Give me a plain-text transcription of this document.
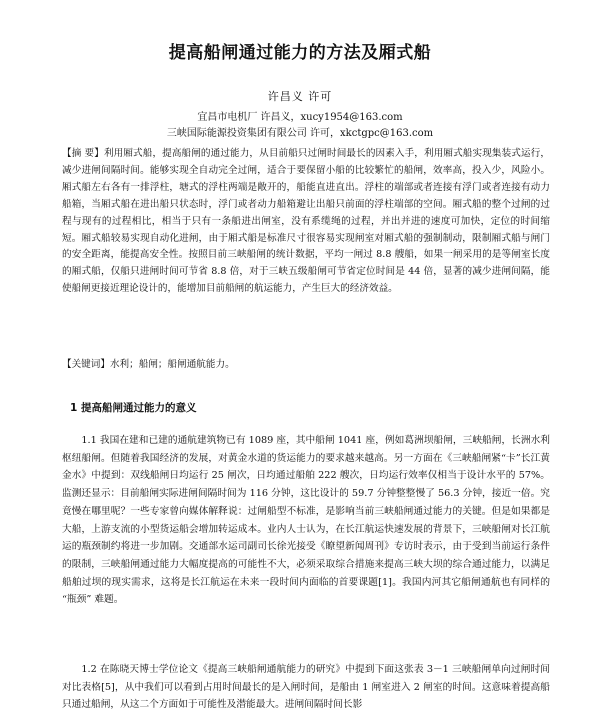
提高船闸通过能力的方法及厢式船
许昌义 许可
宜昌市电机厂 许昌义，xucy1954@163.com
三峡国际能源投资集团有限公司 许可，xkctgpc@163.com

【摘 要】利用厢式船，提高船闸的通过能力，从目前船只过闸时间最长的因素入手，利用厢式船实现集装式运行，减少进闸间隔时间。能够实现全自动完全过闸，适合于要保留小船的比较繁忙的船闸，效率高，投入少，风险小。厢式船左右各有一排浮柱，塘式的浮柱两端是敞开的，船能直进直出。浮柱的端部或者连接有浮门或者连接有动力船箱，当厢式船在进出船只状态时，浮门或者动力船箱避让出船只前面的浮柱端部的空间。厢式船的整个过闸的过程与现有的过程相比，相当于只有一条船进出闸室，没有系缆绳的过程，并出并进的速度可加快，定位的时间缩短。厢式船较易实现自动化进闸，由于厢式船是标准尺寸很容易实现闸室对厢式船的强制制动，限制厢式船与闸门的安全距离，能提高安全性。按照目前三峡船闸的统计数据，平均一闸过 8.8 艘船，如果一闸采用的是等闸室长度的厢式船，仅船只进闸时间可节省 8.8 倍，对于三峡五级船闸可节省定位时间是 44 倍，显著的减少进闸间隔，能使船闸更接近理论设计的，能增加目前船闸的航运能力，产生巨大的经济效益。

【关键词】水利；船闸；船闸通航能力。

1 提高船闸通过能力的意义

1.1 我国在建和已建的通航建筑物已有 1089 座，其中船闸 1041 座，例如葛洲坝船闸，三峡船闸，长洲水利枢纽船闸。但随着我国经济的发展，对黄金水道的货运能力的要求越来越高。另一方面在《三峡船闸紧“卡”长江黄金水》中提到：双线船闸日均运行 25 闸次，日均通过船舶 222 艘次，日均运行效率仅相当于设计水平的 57%。监测还显示：目前船闸实际进闸间隔时间为 116 分钟，这比设计的 59.7 分钟整整慢了 56.3 分钟，接近一倍。究竟慢在哪里呢？一些专家曾向媒体解释说：过闸船型不标准，是影响当前三峡船闸通过能力的关键。但是如果都是大船，上游支流的小型货运船会增加转运成本。业内人士认为，在长江航运快速发展的背景下，三峡船闸对长江航运的瓶颈制约将进一步加剧。交通部水运司副司长徐光接受《瞭望新闻周刊》专访时表示，由于受到当前运行条件的限制，三峡船闸通过能力大幅度提高的可能性不大，必须采取综合措施来提高三峡大坝的综合通过能力，以满足船舶过坝的现实需求，这将是长江航运在未来一段时间内面临的首要课题[1]。我国内河其它船闸通航也有同样的 “瓶颈” 难题。

1.2 在陈晓天博士学位论文《提高三峡船闸通航能力的研究》中提到下面这张表 3－1 三峡船闸单向过闸时间对比表格[5]，从中我们可以看到占用时间最长的是入闸时间，是船由 1 闸室进入 2 闸室的时间。这意味着提高船只通过船闸，从这二个方面如于可能性及潜能最大。进闸间隔时间长影
